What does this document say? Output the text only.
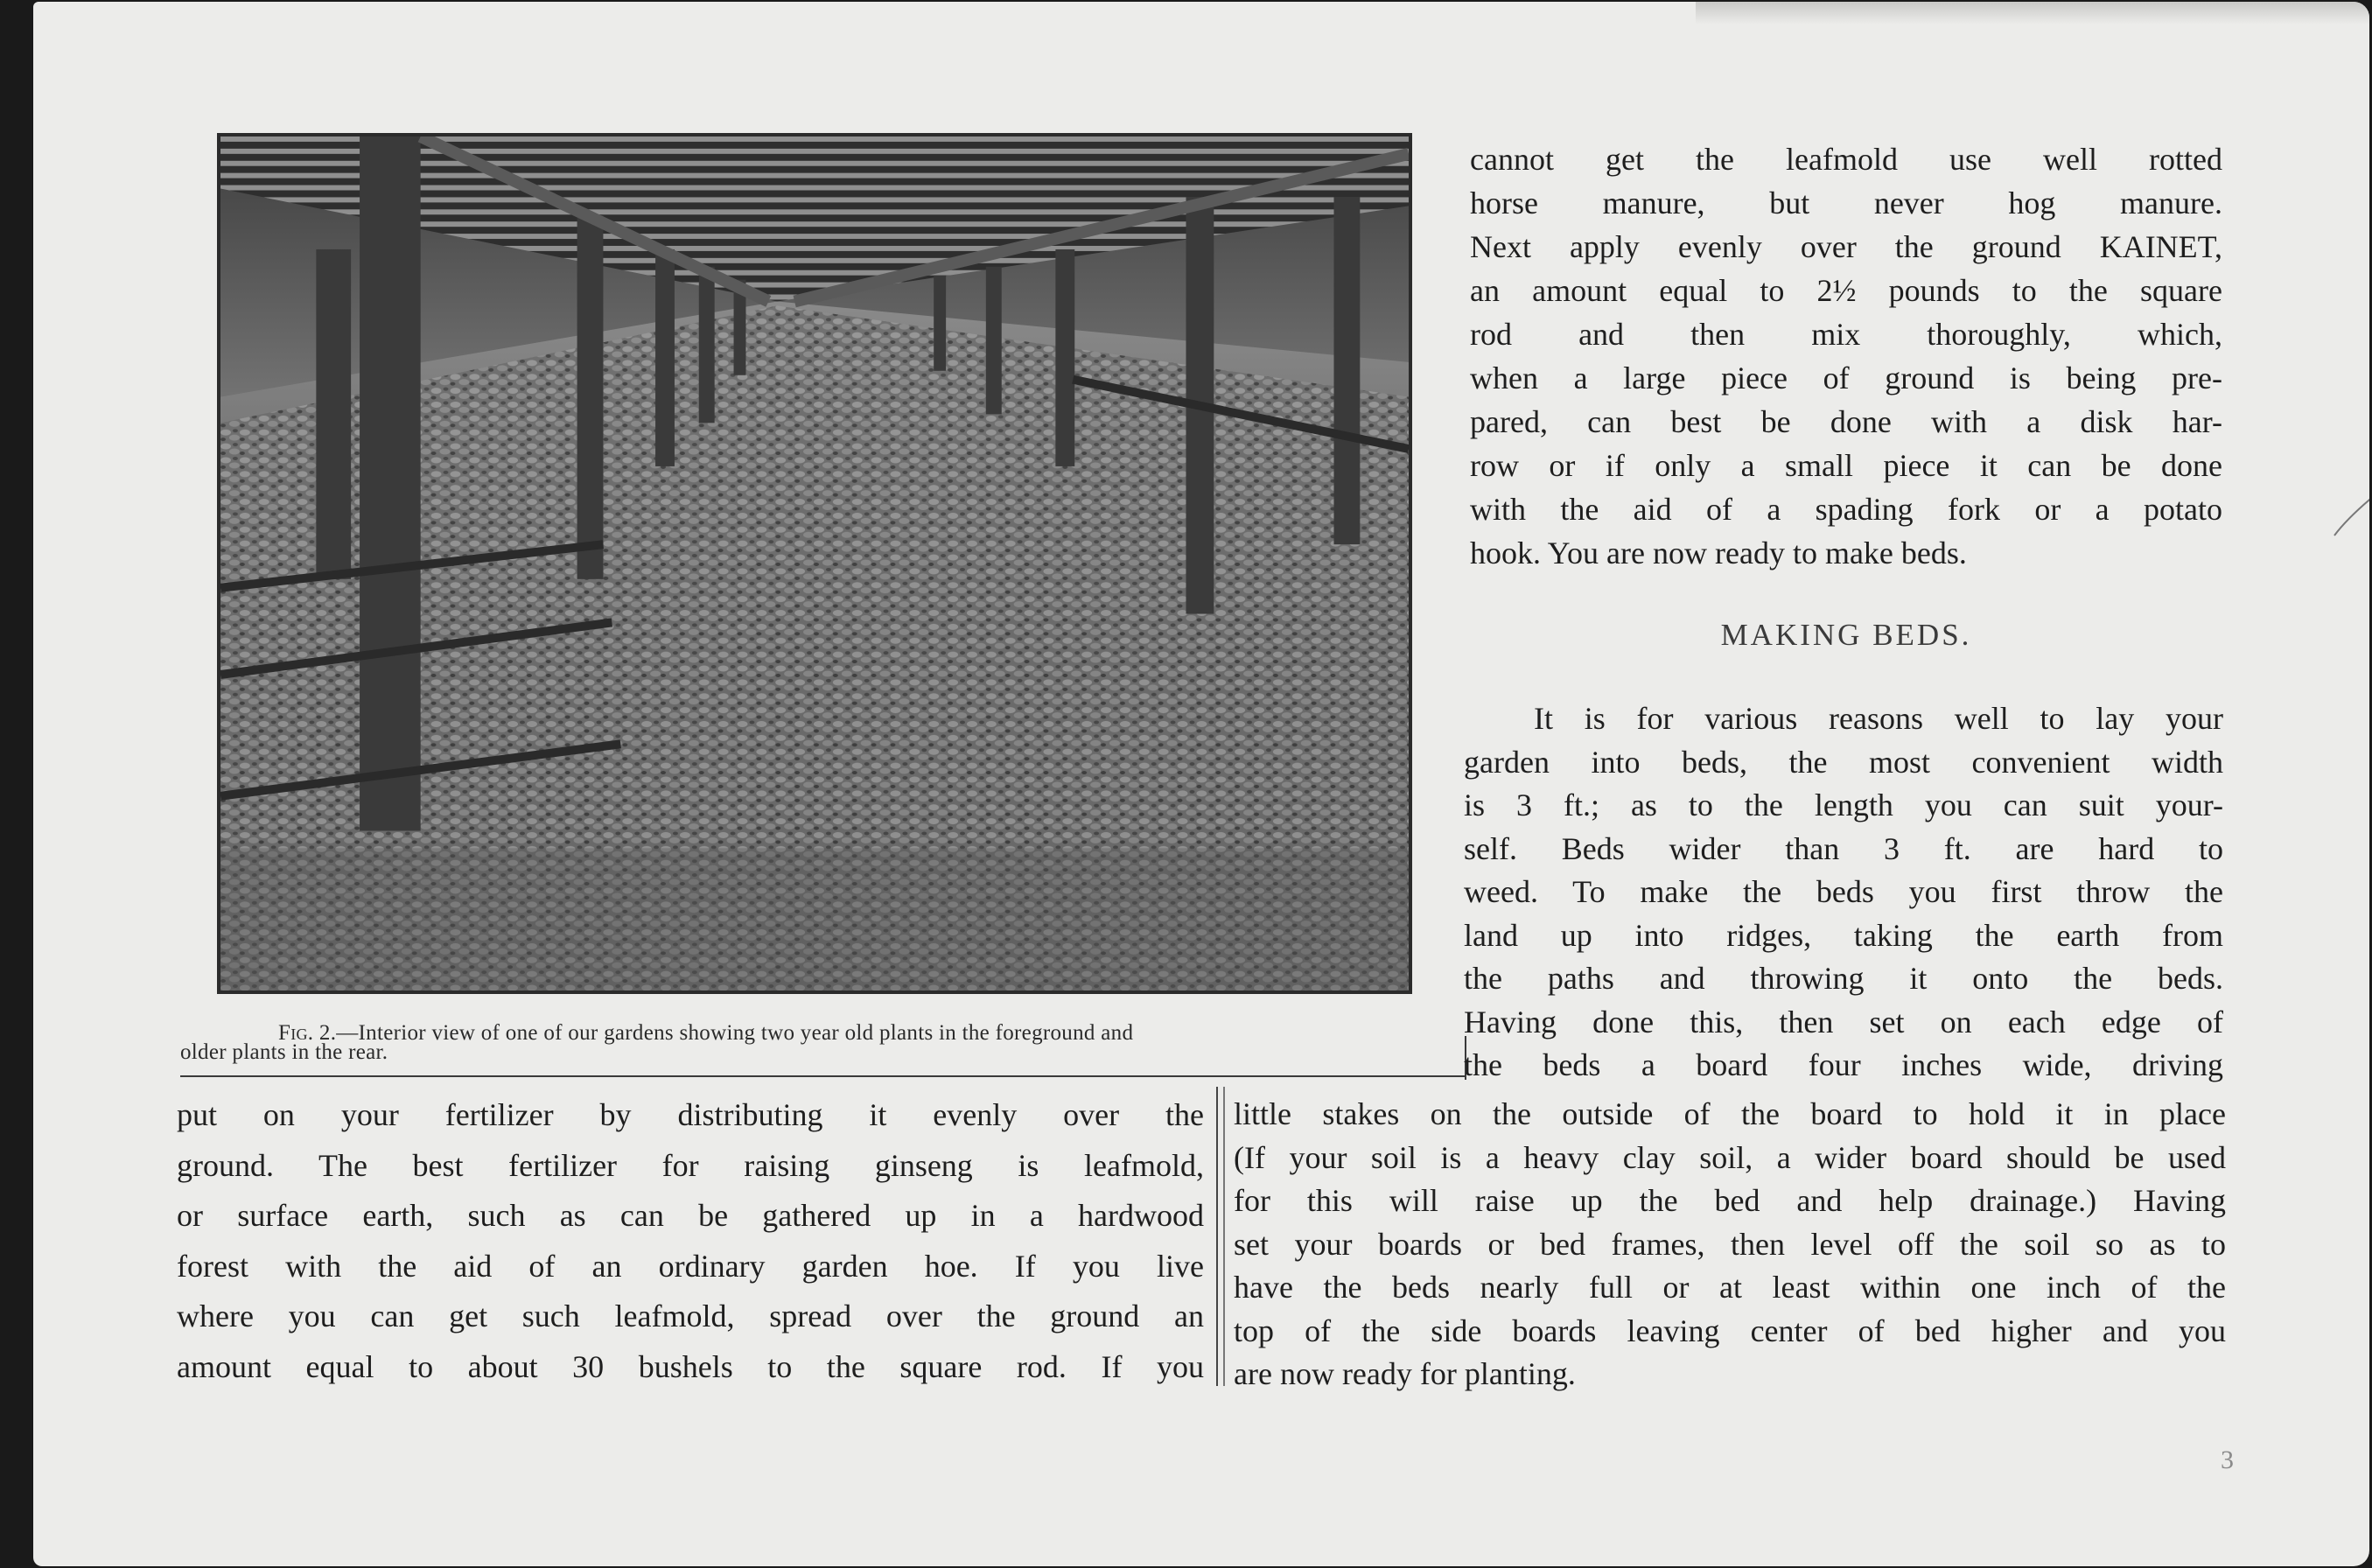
Fig. 2.—Interior view of one of our gardens showing two year old plants in the foreground and
older plants in the rear.
cannot get the leafmold use well rotted
horse manure, but never hog manure.
Next apply evenly over the ground KAINET,
an amount equal to 2½ pounds to the square
rod and then mix thoroughly, which,
when a large piece of ground is being pre-
pared, can best be done with a disk har-
row or if only a small piece it can be done
with the aid of a spading fork or a potato
hook. You are now ready to make beds.
MAKING BEDS.
It is for various reasons well to lay your
garden into beds, the most convenient width
is 3 ft.; as to the length you can suit your-
self. Beds wider than 3 ft. are hard to
weed. To make the beds you first throw the
land up into ridges, taking the earth from
the paths and throwing it onto the beds.
Having done this, then set on each edge of
the beds a board four inches wide, driving
put on your fertilizer by distributing it evenly over the
ground. The best fertilizer for raising ginseng is leafmold,
or surface earth, such as can be gathered up in a hardwood
forest with the aid of an ordinary garden hoe. If you live
where you can get such leafmold, spread over the ground an
amount equal to about 30 bushels to the square rod. If you
little stakes on the outside of the board to hold it in place
(If your soil is a heavy clay soil, a wider board should be used
for this will raise up the bed and help drainage.) Having
set your boards or bed frames, then level off the soil so as to
have the beds nearly full or at least within one inch of the
top of the side boards leaving center of bed higher and you
are now ready for planting.
3
